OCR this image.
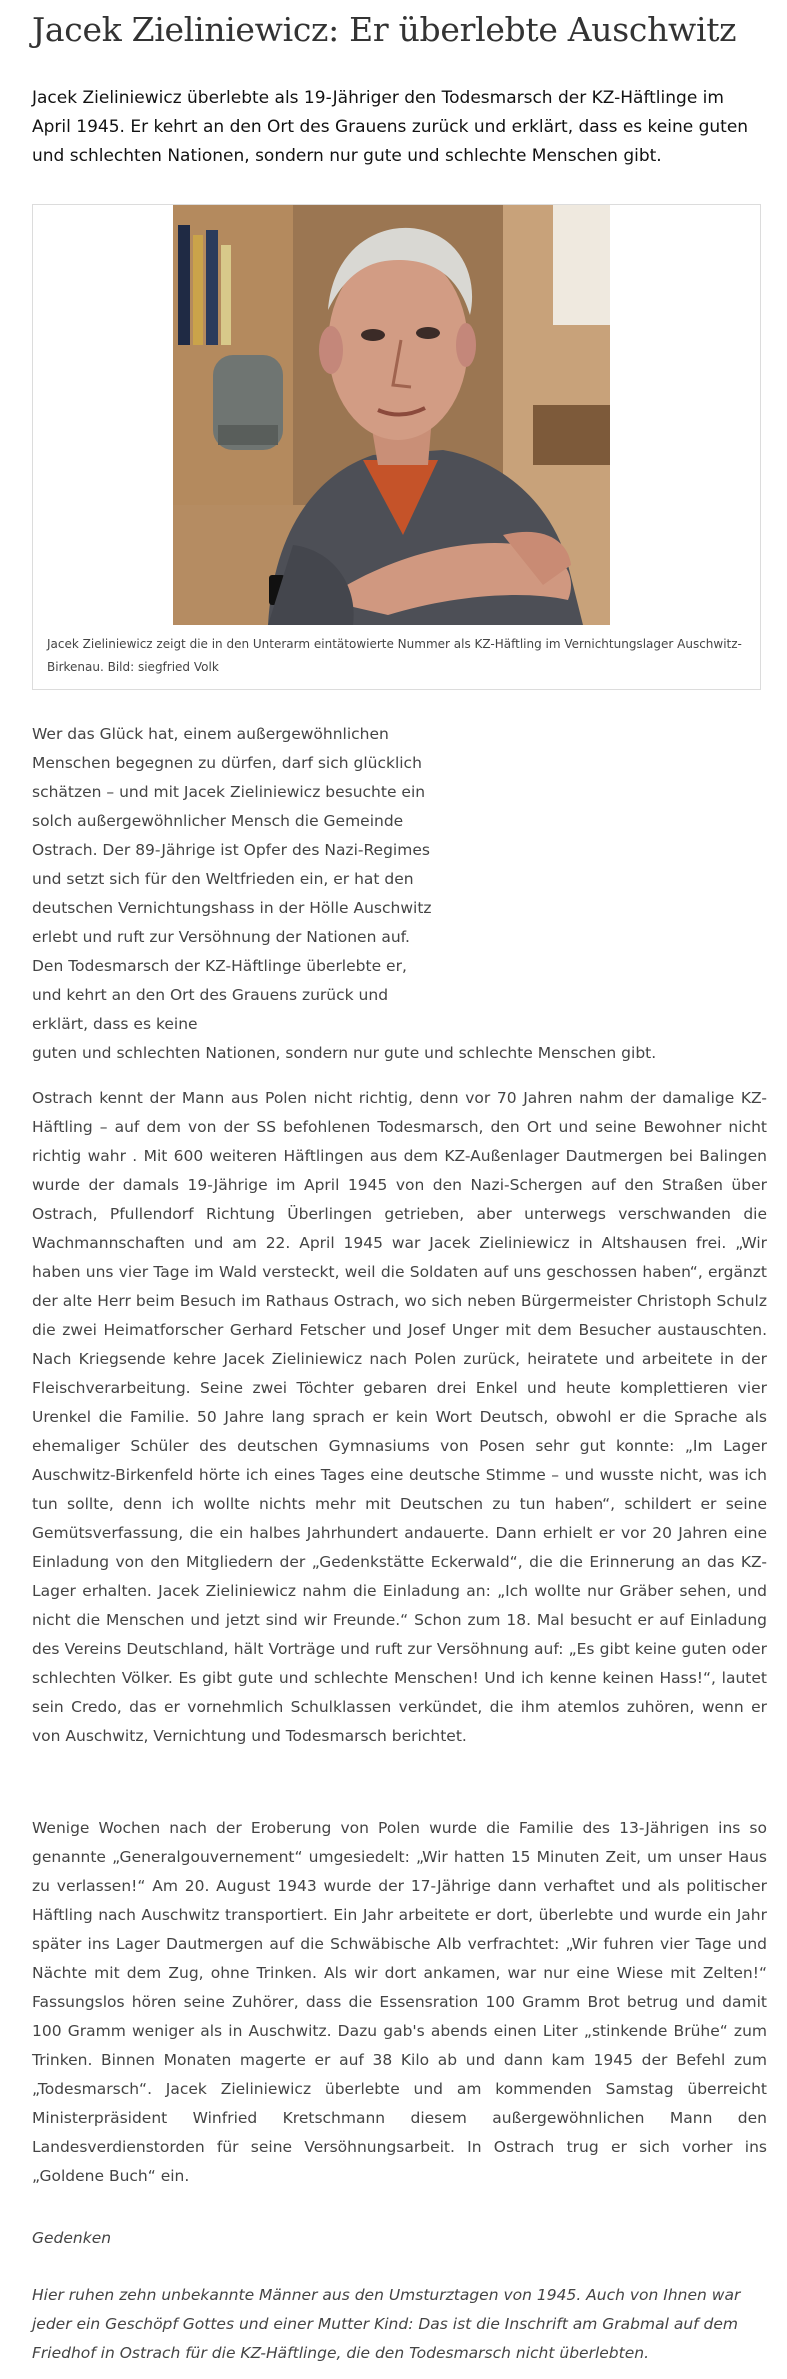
Jacek Zieliniewicz: Er überlebte Auschwitz
Jacek Zieliniewicz überlebte als 19-Jähriger den Todesmarsch der KZ-Häftlinge im April 1945. Er kehrt an den Ort des Grauens zurück und erklärt, dass es keine guten und schlechten Nationen, sondern nur gute und schlechte Menschen gibt.
Jacek Zieliniewicz zeigt die in den Unterarm eintätowierte Nummer als KZ-Häftling im Vernichtungslager Auschwitz-Birkenau. Bild: siegfried Volk
Wer das Glück hat, einem außergewöhnlichen Menschen begegnen zu dürfen, darf sich glücklich schätzen – und mit Jacek Zieliniewicz besuchte ein solch außergewöhnlicher Mensch die Gemeinde Ostrach. Der 89-Jährige ist Opfer des Nazi-Regimes und setzt sich für den Weltfrieden ein, er hat den deutschen Vernichtungshass in der Hölle Auschwitz erlebt und ruft zur Versöhnung der Nationen auf. Den Todesmarsch der KZ-Häftlinge überlebte er, und kehrt an den Ort des Grauens zurück und erklärt, dass es keine
guten und schlechten Nationen, sondern nur gute und schlechte Menschen gibt.
Ostrach kennt der Mann aus Polen nicht richtig, denn vor 70 Jahren nahm der damalige KZ-Häftling – auf dem von der SS befohlenen Todesmarsch, den Ort und seine Bewohner nicht richtig wahr . Mit 600 weiteren Häftlingen aus dem KZ-Außenlager Dautmergen bei Balingen wurde der damals 19-Jährige im April 1945 von den Nazi-Schergen auf den Straßen über Ostrach, Pfullendorf Richtung Überlingen getrieben, aber unterwegs verschwanden die Wachmannschaften und am 22. April 1945 war Jacek Zieliniewicz in Altshausen frei. „Wir haben uns vier Tage im Wald versteckt, weil die Soldaten auf uns geschossen haben“, ergänzt der alte Herr beim Besuch im Rathaus Ostrach, wo sich neben Bürgermeister Christoph Schulz die zwei Heimatforscher Gerhard Fetscher und Josef Unger mit dem Besucher austauschten. Nach Kriegsende kehre Jacek Zieliniewicz nach Polen zurück, heiratete und arbeitete in der Fleischverarbeitung. Seine zwei Töchter gebaren drei Enkel und heute komplettieren vier Urenkel die Familie. 50 Jahre lang sprach er kein Wort Deutsch, obwohl er die Sprache als ehemaliger Schüler des deutschen Gymnasiums von Posen sehr gut konnte: „Im Lager Auschwitz-Birkenfeld hörte ich eines Tages eine deutsche Stimme – und wusste nicht, was ich tun sollte, denn ich wollte nichts mehr mit Deutschen zu tun haben“, schildert er seine Gemütsverfassung, die ein halbes Jahrhundert andauerte. Dann erhielt er vor 20 Jahren eine Einladung von den Mitgliedern der „Gedenkstätte Eckerwald“, die die Erinnerung an das KZ-Lager erhalten. Jacek Zieliniewicz nahm die Einladung an: „Ich wollte nur Gräber sehen, und nicht die Menschen und jetzt sind wir Freunde.“ Schon zum 18. Mal besucht er auf Einladung des Vereins Deutschland, hält Vorträge und ruft zur Versöhnung auf: „Es gibt keine guten oder schlechten Völker. Es gibt gute und schlechte Menschen! Und ich kenne keinen Hass!“, lautet sein Credo, das er vornehmlich Schulklassen verkündet, die ihm atemlos zuhören, wenn er von Auschwitz, Vernichtung und Todesmarsch berichtet.
Wenige Wochen nach der Eroberung von Polen wurde die Familie des 13-Jährigen ins so genannte „Generalgouvernement“ umgesiedelt: „Wir hatten 15 Minuten Zeit, um unser Haus zu verlassen!“ Am 20. August 1943 wurde der 17-Jährige dann verhaftet und als politischer Häftling nach Auschwitz transportiert. Ein Jahr arbeitete er dort, überlebte und wurde ein Jahr später ins Lager Dautmergen auf die Schwäbische Alb verfrachtet: „Wir fuhren vier Tage und Nächte mit dem Zug, ohne Trinken. Als wir dort ankamen, war nur eine Wiese mit Zelten!“ Fassungslos hören seine Zuhörer, dass die Essensration 100 Gramm Brot betrug und damit 100 Gramm weniger als in Auschwitz. Dazu gab's abends einen Liter „stinkende Brühe“ zum Trinken. Binnen Monaten magerte er auf 38 Kilo ab und dann kam 1945 der Befehl zum „Todesmarsch“. Jacek Zieliniewicz überlebte und am kommenden Samstag überreicht Ministerpräsident Winfried Kretschmann diesem außergewöhnlichen Mann den Landesverdienstorden für seine Versöhnungsarbeit. In Ostrach trug er sich vorher ins „Goldene Buch“ ein.
Gedenken
Hier ruhen zehn unbekannte Männer aus den Umsturztagen von 1945. Auch von Ihnen war jeder ein Geschöpf Gottes und einer Mutter Kind: Das ist die Inschrift am Grabmal auf dem Friedhof in Ostrach für die KZ-Häftlinge, die den Todesmarsch nicht überlebten.
